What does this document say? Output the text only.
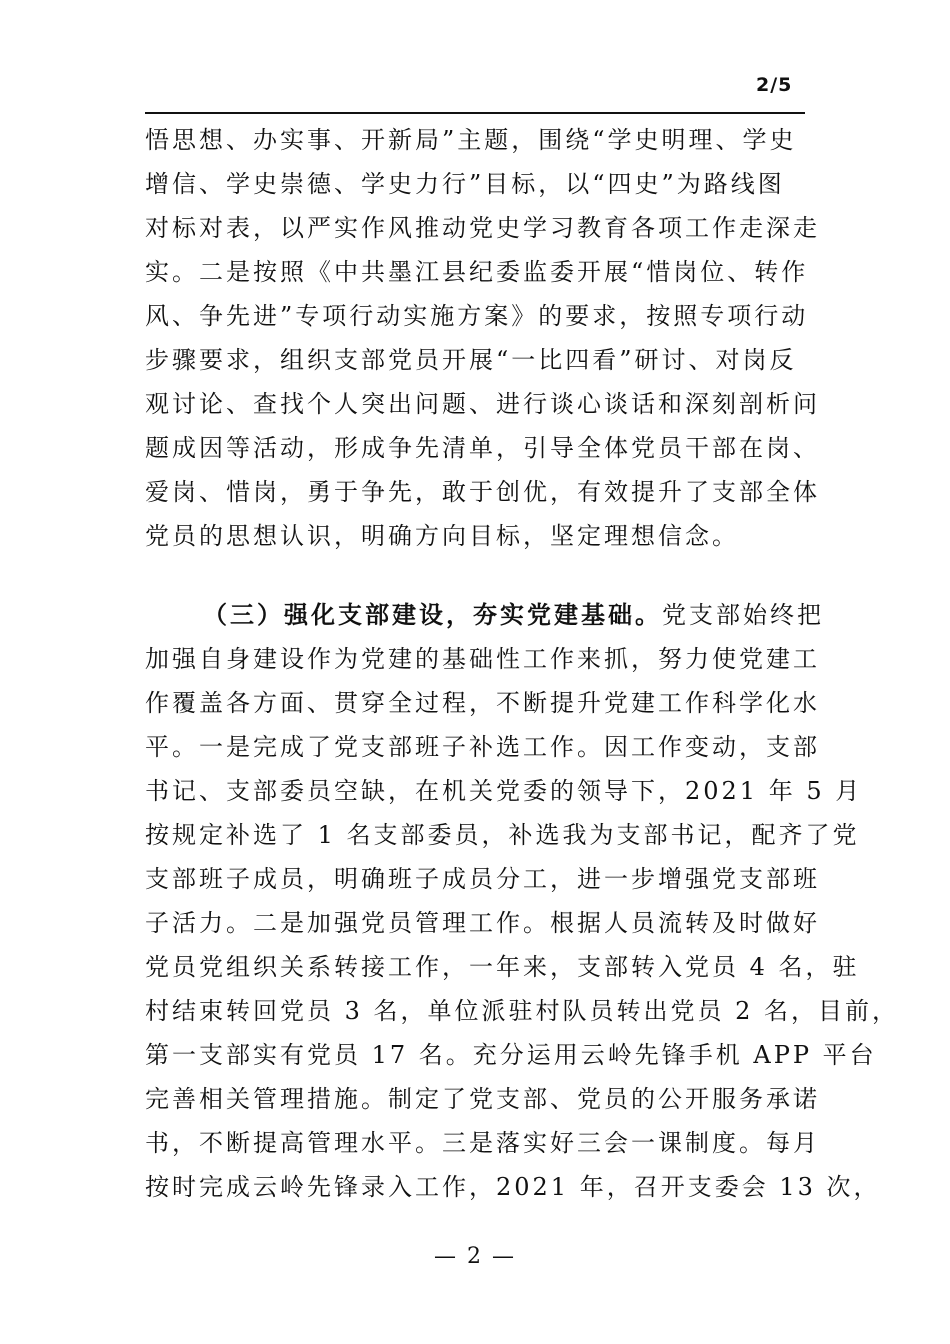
2/5
悟思想、办实事、开新局”主题，围绕“学史明理、学史
增信、学史崇德、学史力行”目标，以“四史”为路线图
对标对表，以严实作风推动党史学习教育各项工作走深走
实。二是按照《中共墨江县纪委监委开展“惜岗位、转作
风、争先进”专项行动实施方案》的要求，按照专项行动
步骤要求，组织支部党员开展“一比四看”研讨、对岗反
观讨论、查找个人突出问题、进行谈心谈话和深刻剖析问
题成因等活动，形成争先清单，引导全体党员干部在岗、
爱岗、惜岗，勇于争先，敢于创优，有效提升了支部全体
党员的思想认识，明确方向目标，坚定理想信念。
（三）强化支部建设，夯实党建基础。党支部始终把
加强自身建设作为党建的基础性工作来抓，努力使党建工
作覆盖各方面、贯穿全过程，不断提升党建工作科学化水
平。一是完成了党支部班子补选工作。因工作变动，支部
书记、支部委员空缺，在机关党委的领导下，2021 年 5 月
按规定补选了 1 名支部委员，补选我为支部书记，配齐了党
支部班子成员，明确班子成员分工，进一步增强党支部班
子活力。二是加强党员管理工作。根据人员流转及时做好
党员党组织关系转接工作，一年来，支部转入党员 4 名，驻
村结束转回党员 3 名，单位派驻村队员转出党员 2 名，目前，
第一支部实有党员 17 名。充分运用云岭先锋手机 APP 平台
完善相关管理措施。制定了党支部、党员的公开服务承诺
书，不断提高管理水平。三是落实好三会一课制度。每月
按时完成云岭先锋录入工作，2021 年，召开支委会 13 次，
— 2 —
